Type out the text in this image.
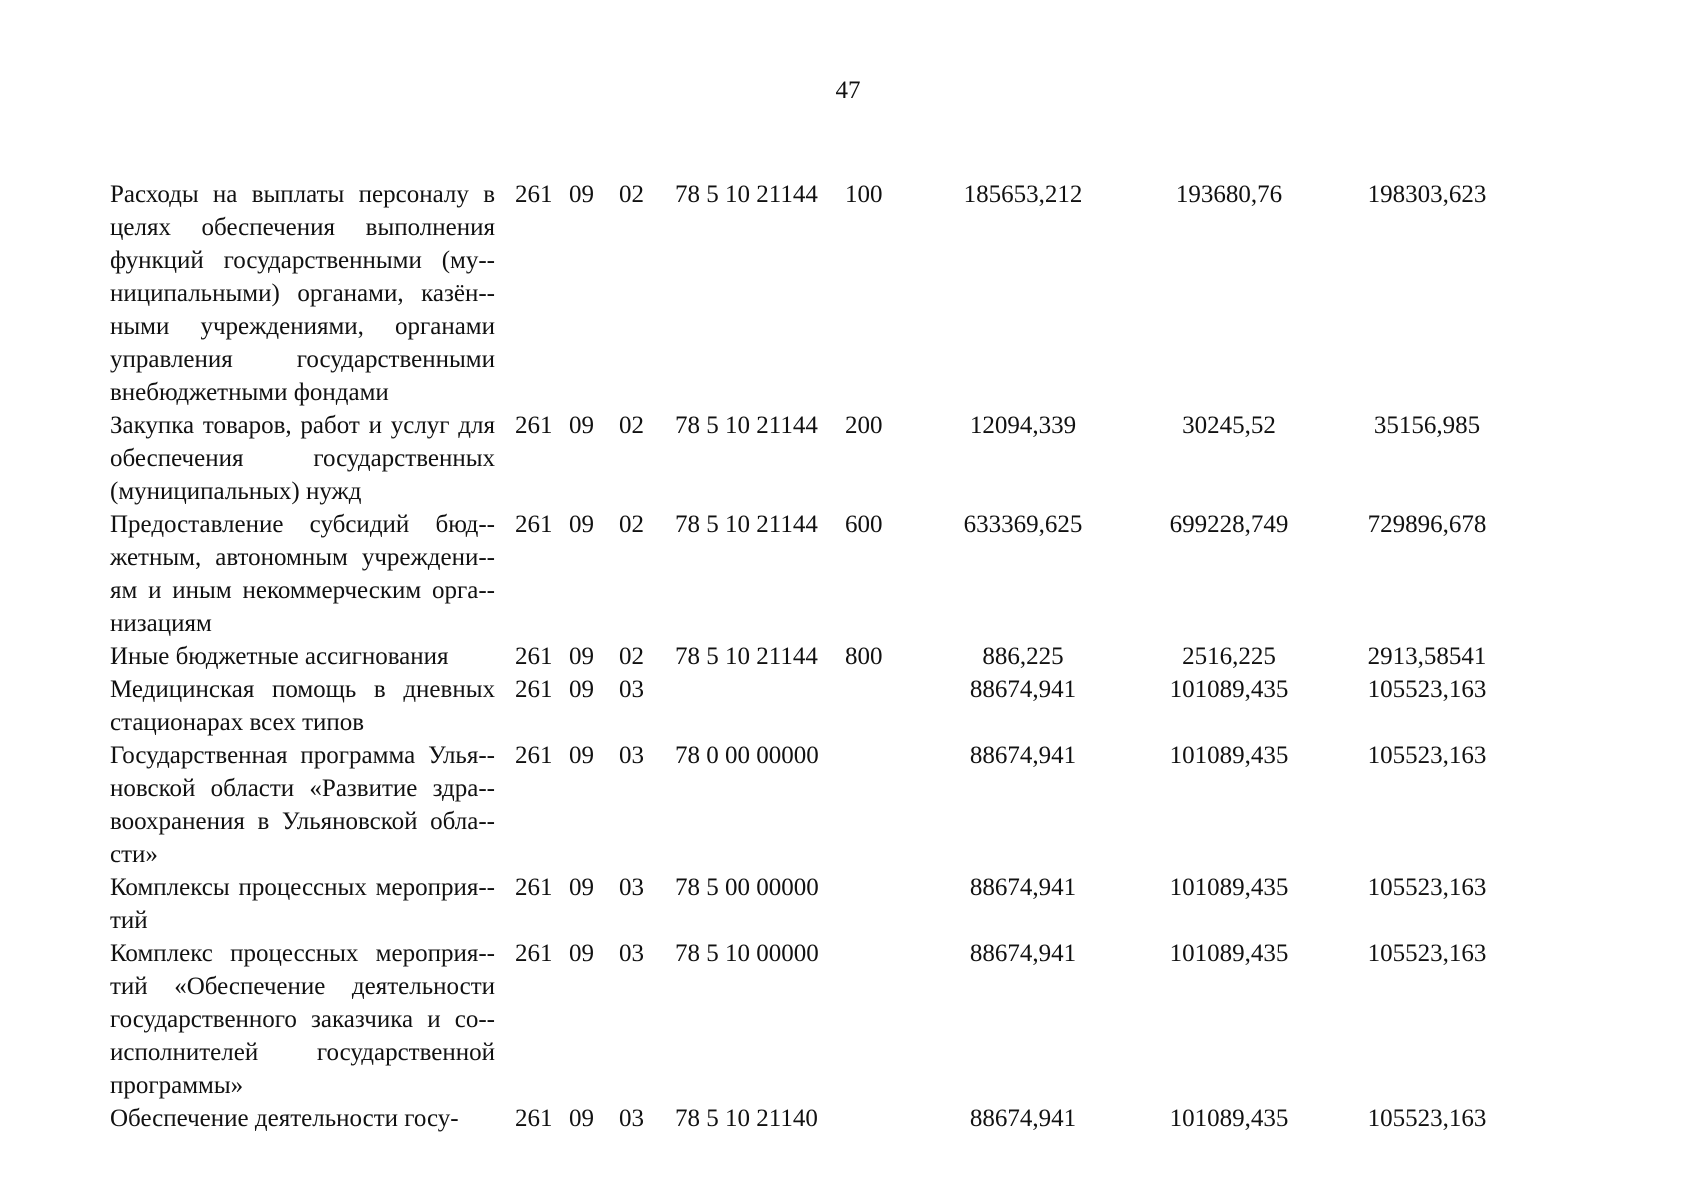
47
Расходы на выплаты персоналу в целях обеспечения выполнения функций государственными (му-ниципальными) органами, казён-ными учреждениями, органами управления государственными внебюджетными фондами	261	09	02	78 5 10 21144	100	185653,212	193680,76	198303,623
Закупка товаров, работ и услуг для обеспечения государственных (муниципальных) нужд	261	09	02	78 5 10 21144	200	12094,339	30245,52	35156,985
Предоставление субсидий бюд-жетным, автономным учреждени-ям и иным некоммерческим орга-низациям	261	09	02	78 5 10 21144	600	633369,625	699228,749	729896,678
Иные бюджетные ассигнования	261	09	02	78 5 10 21144	800	886,225	2516,225	2913,58541
Медицинская помощь в дневных стационарах всех типов	261	09	03			88674,941	101089,435	105523,163
Государственная программа Улья-новской области «Развитие здра-воохранения в Ульяновской обла-сти»	261	09	03	78 0 00 00000		88674,941	101089,435	105523,163
Комплексы процессных мероприя-тий	261	09	03	78 5 00 00000		88674,941	101089,435	105523,163
Комплекс процессных мероприя-тий «Обеспечение деятельности государственного заказчика и со-исполнителей государственной программы»	261	09	03	78 5 10 00000		88674,941	101089,435	105523,163
Обеспечение деятельности госу-	261	09	03	78 5 10 21140		88674,941	101089,435	105523,163
